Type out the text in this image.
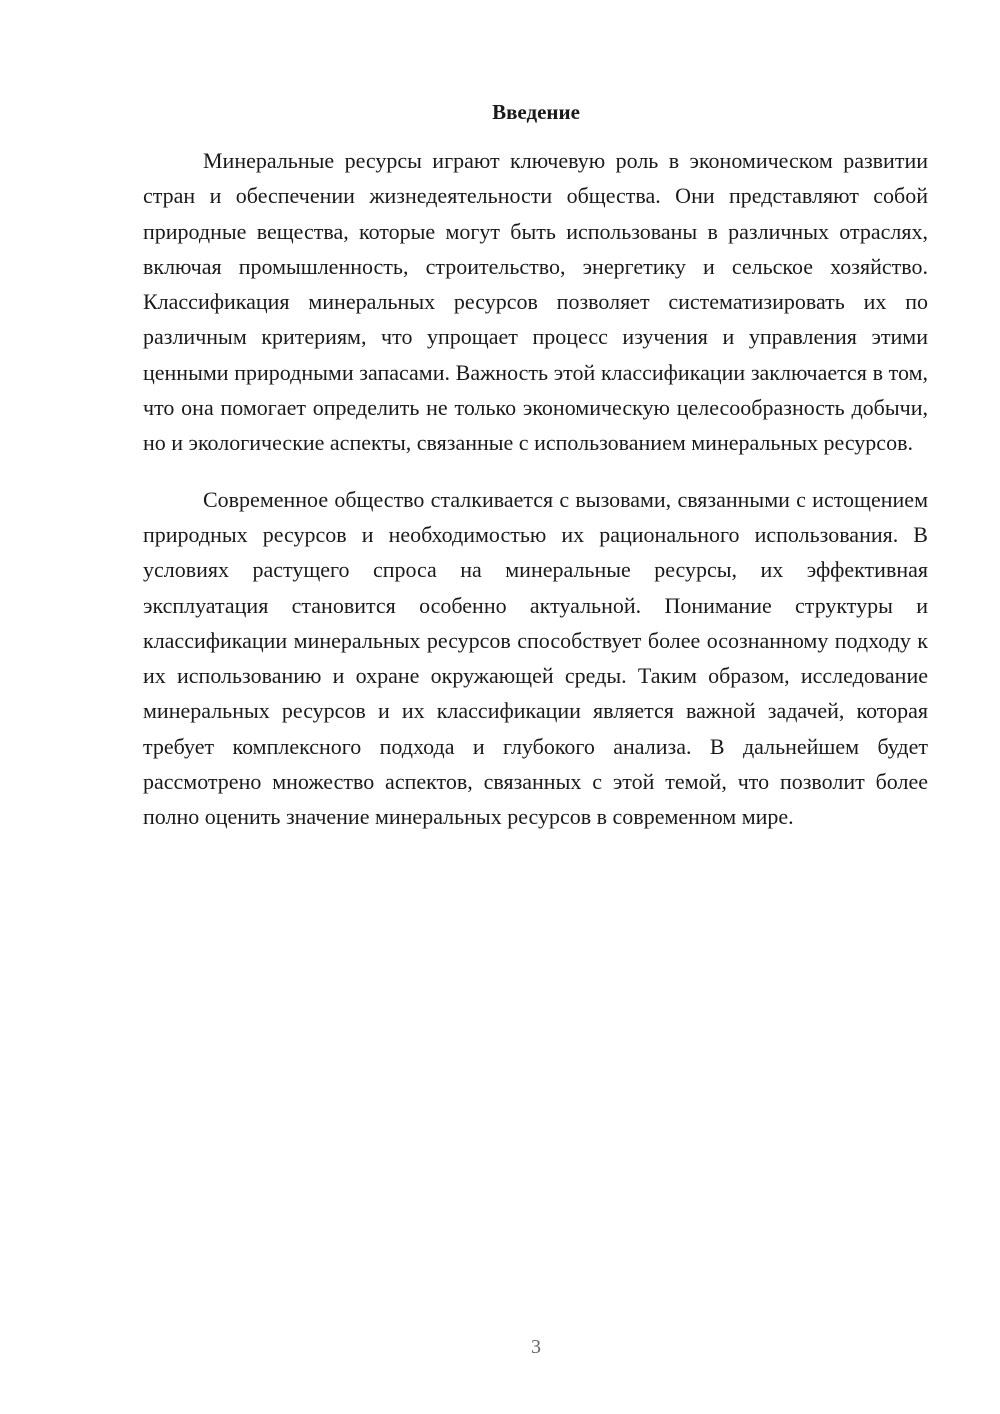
Введение

Минеральные ресурсы играют ключевую роль в экономическом развитии стран и обеспечении жизнедеятельности общества. Они представляют собой природные вещества, которые могут быть использованы в различных отраслях, включая промышленность, строительство, энергетику и сельское хозяйство. Классификация минеральных ресурсов позволяет систематизировать их по различным критериям, что упрощает процесс изучения и управления этими ценными природными запасами. Важность этой классификации заключается в том, что она помогает определить не только экономическую целесообразность добычи, но и экологические аспекты, связанные с использованием минеральных ресурсов.

Современное общество сталкивается с вызовами, связанными с истощением природных ресурсов и необходимостью их рационального использования. В условиях растущего спроса на минеральные ресурсы, их эффективная эксплуатация становится особенно актуальной. Понимание структуры и классификации минеральных ресурсов способствует более осознанному подходу к их использованию и охране окружающей среды. Таким образом, исследование минеральных ресурсов и их классификации является важной задачей, которая требует комплексного подхода и глубокого анализа. В дальнейшем будет рассмотрено множество аспектов, связанных с этой темой, что позволит более полно оценить значение минеральных ресурсов в современном мире.

3
